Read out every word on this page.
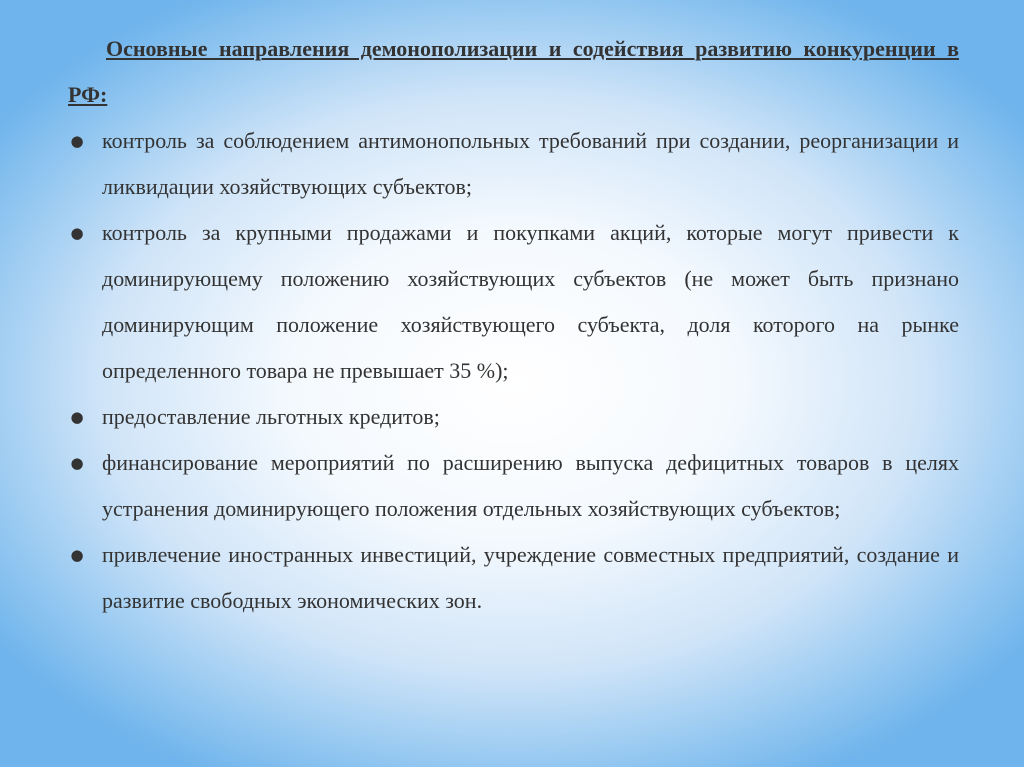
Основные направления демонополизации и содействия развитию конкуренции в РФ:

● контроль за соблюдением антимонопольных требований при создании, реорганизации и ликвидации хозяйствующих субъектов;
● контроль за крупными продажами и покупками акций, которые могут привести к доминирующему положению хозяйствующих субъектов (не может быть признано доминирующим положение хозяйствующего субъекта, доля которого на рынке определенного товара не превышает 35 %);
● предоставление льготных кредитов;
● финансирование мероприятий по расширению выпуска дефицитных товаров в целях устранения доминирующего положения отдельных хозяйствующих субъектов;
● привлечение иностранных инвестиций, учреждение совместных предприятий, создание и развитие свободных экономических зон.
